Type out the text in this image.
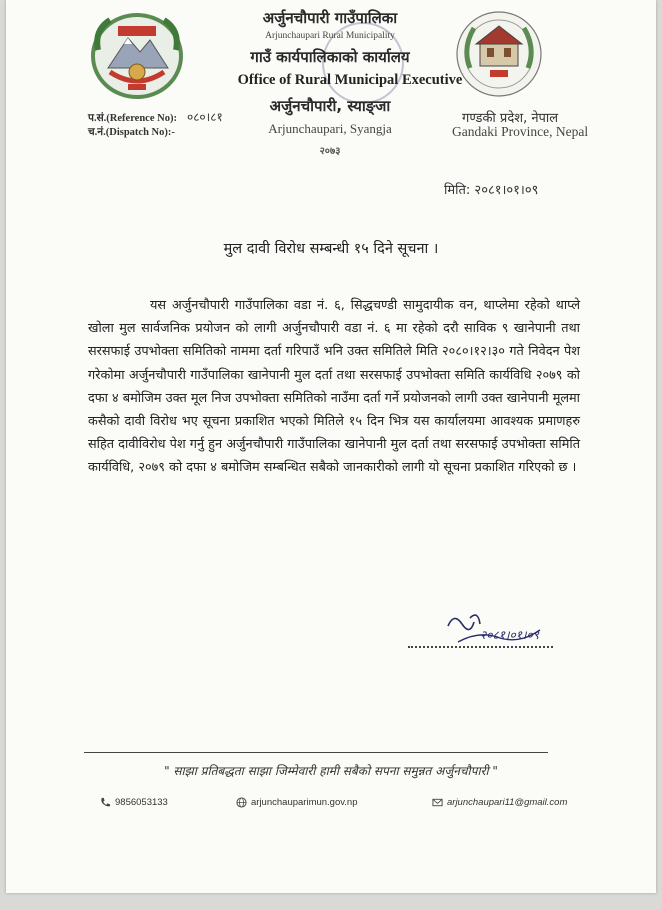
अर्जुनचौपारी गाउँपालिका
Arjunchaupari Rural Municipality
गाउँ कार्यपालिकाको कार्यालय
Office of Rural Municipal Executive
अर्जुनचौपारी, स्याङ्जा
Arjunchaupari, Syangja
२०७३
प.सं.(Reference No): ०८०।८१
च.नं.(Dispatch No):-
गण्डकी प्रदेश, नेपाल
Gandaki Province, Nepal
मिति: २०८१।०१।०९
मुल दावी विरोध सम्बन्धी १५ दिने सूचना ।

यस अर्जुनचौपारी गाउँपालिका वडा नं. ६, सिद्धचण्डी सामुदायीक वन, थाप्लेमा रहेको थाप्ले खोला मुल सार्वजनिक प्रयोजन को लागी अर्जुनचौपारी वडा नं. ६ मा रहेको दरौ साविक ९ खानेपानी तथा सरसफाई उपभोक्ता समितिको नाममा दर्ता गरिपाउँ भनि उक्त समितिले मिति २०८०।१२।३० गते निवेदन पेश गरेकोमा अर्जुनचौपारी गाउँपालिका खानेपानी मुल दर्ता तथा सरसफाई उपभोक्ता समिति कार्यविधि २०७९ को दफा ४ बमोजिम उक्त मूल निज उपभोक्ता समितिको नाउँमा दर्ता गर्ने प्रयोजनको लागी उक्त खानेपानी मूलमा कसैको दावी विरोध भए सूचना प्रकाशित भएको मितिले १५ दिन भित्र यस कार्यालयमा आवश्यक प्रमाणहरु सहित दावीविरोध पेश गर्नु हुन अर्जुनचौपारी गाउँपालिका खानेपानी मुल दर्ता तथा सरसफाई उपभोक्ता समिति कार्यविधि, २०७९ को दफा ४ बमोजिम सम्बन्धित सबैको जानकारीको लागी यो सूचना प्रकाशित गरिएको छ ।

२०८१।०१।०९
" साझा प्रतिबद्धता साझा जिम्मेवारी हामी सबैको सपना समुन्नत अर्जुनचौपारी "
9856053133	arjunchauparimun.gov.np	arjunchaupari11@gmail.com
